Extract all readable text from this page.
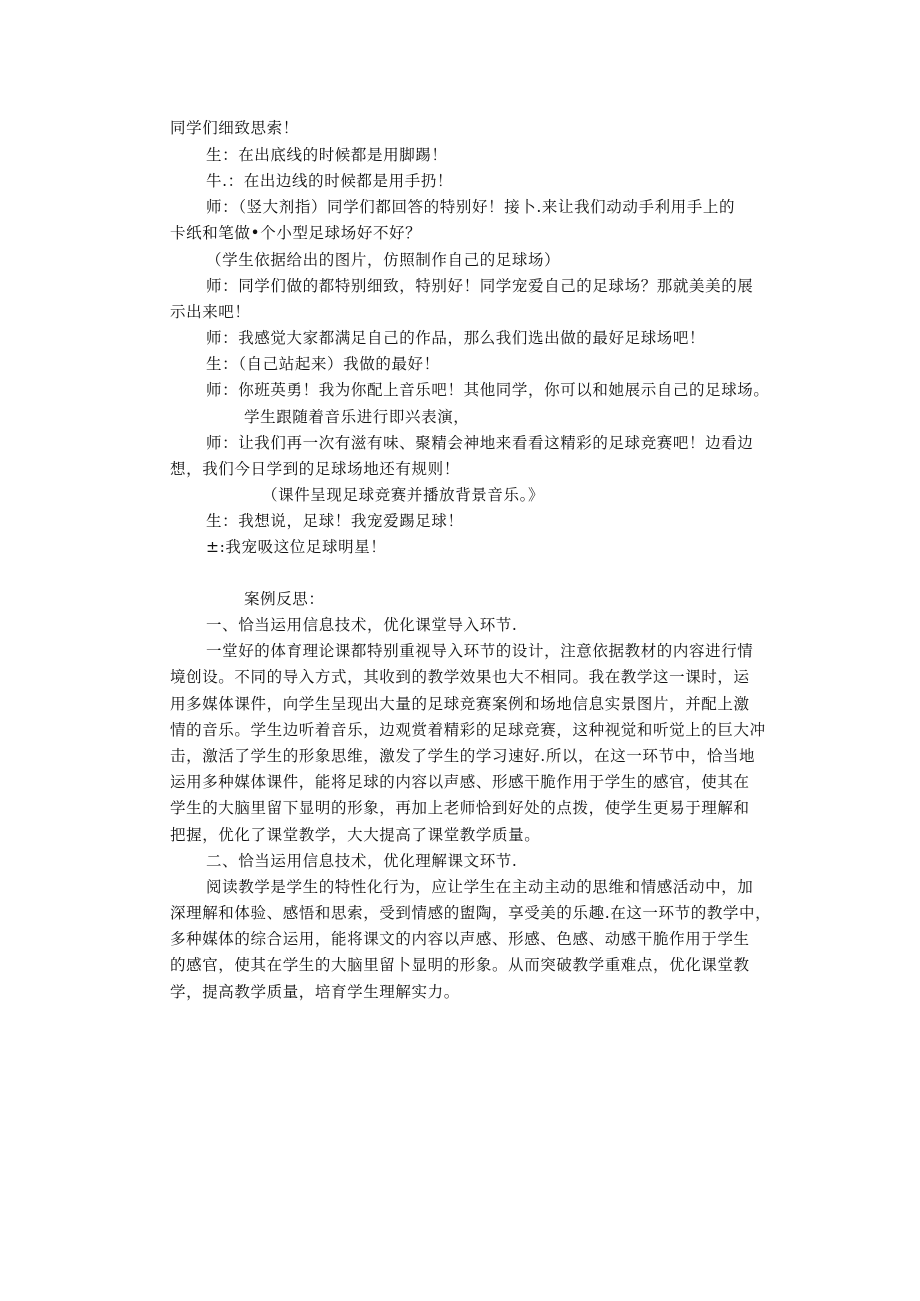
同学们细致思索！
生：在出底线的时候都是用脚踢！
牛.：在出边线的时候都是用手扔！
师：（竖大剂指）同学们都回答的特别好！接卜.来让我们动动手利用手上的
卡纸和笔做•个小型足球场好不好？
（学生依据给出的图片，仿照制作自己的足球场）
师：同学们做的都特别细致，特别好！同学宠爱自己的足球场？那就美美的展
示出来吧！
师：我感觉大家都满足自己的作品，那么我们选出做的最好足球场吧！
生：（自己站起来）我做的最好！
师：你班英勇！我为你配上音乐吧！其他同学，你可以和她展示自己的足球场。
学生跟随着音乐进行即兴表演，
师：让我们再一次有滋有味、聚精会神地来看看这精彩的足球竞赛吧！边看边
想，我们今日学到的足球场地还有规则！
（课件呈现足球竞赛并播放背景音乐。》
生：我想说，足球！我宠爱踢足球！
±:我宠吸这位足球明星！
案例反思：
一、恰当运用信息技术，优化课堂导入环节.
一堂好的体育理论课都特别重视导入环节的设计，注意依据教材的内容进行情
境创设。不同的导入方式，其收到的教学效果也大不相同。我在教学这一课时，运
用多媒体课件，向学生呈现出大量的足球竞赛案例和场地信息实景图片，并配上激
情的音乐。学生边听着音乐，边观赏着精彩的足球竞赛，这种视觉和听觉上的巨大冲
击，激活了学生的形象思维，激发了学生的学习速好.所以，在这一环节中，恰当地
运用多种媒体课件，能将足球的内容以声感、形感干脆作用于学生的感官，使其在
学生的大脑里留下显明的形象，再加上老师恰到好处的点拨，使学生更易于理解和
把握，优化了课堂教学，大大提高了课堂教学质量。
二、恰当运用信息技术，优化理解课文环节.
阅读教学是学生的特性化行为，应让学生在主动主动的思维和情感活动中，加
深理解和体验、感悟和思索，受到情感的盥陶，享受美的乐趣.在这一环节的教学中，
多种媒体的综合运用，能将课文的内容以声感、形感、色感、动感干脆作用于学生
的感官，使其在学生的大脑里留卜显明的形象。从而突破教学重难点，优化课堂教
学，提高教学质量，培育学生理解实力。
